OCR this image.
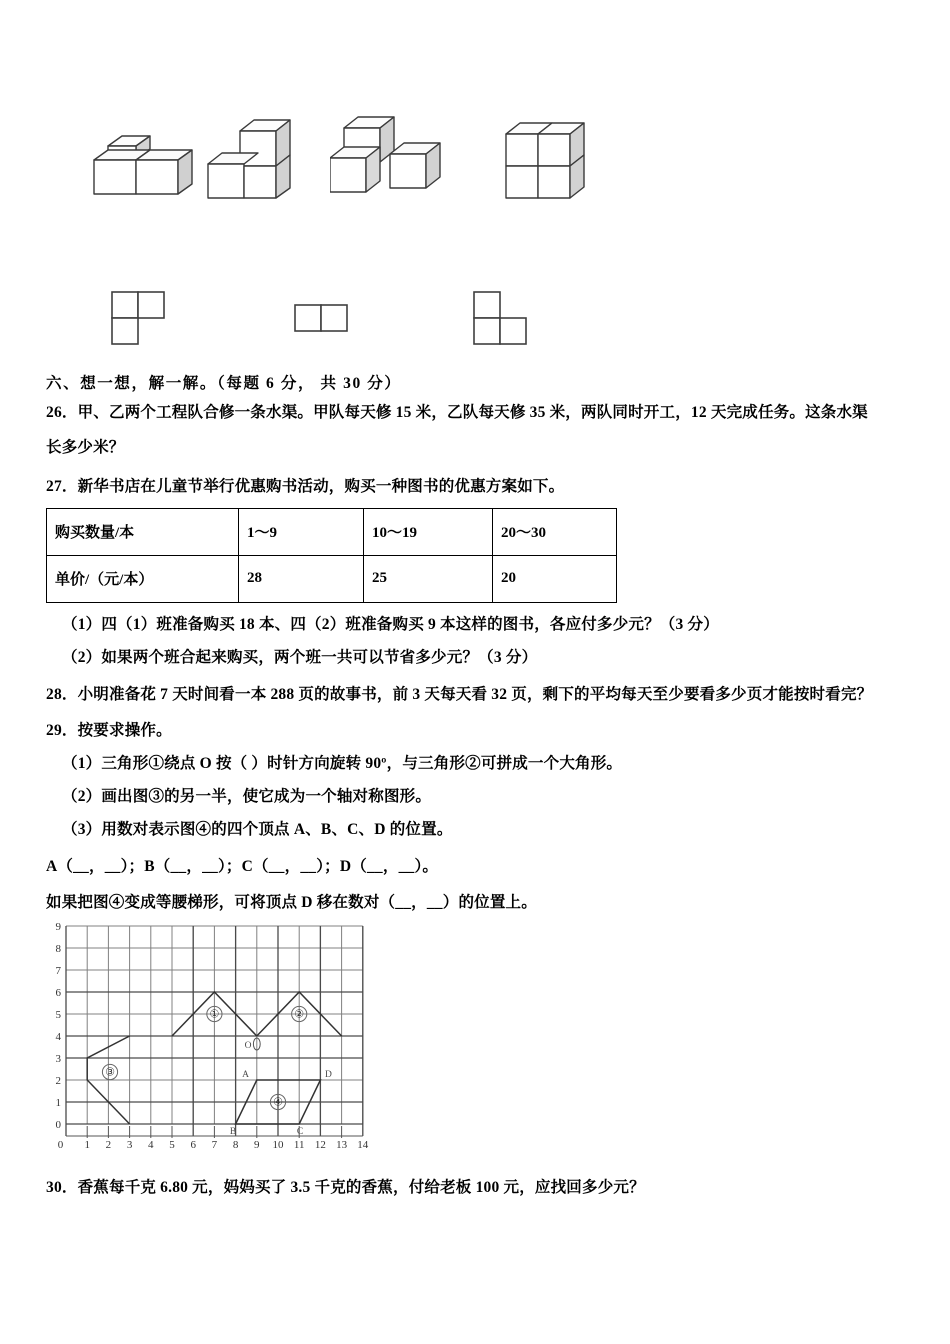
六、想一想，解一解。（每题 6 分， 共 30 分）
26．甲、乙两个工程队合修一条水渠。甲队每天修 15 米，乙队每天修 35 米，两队同时开工，12 天完成任务。这条水渠
长多少米？
27．新华书店在儿童节举行优惠购书活动，购买一种图书的优惠方案如下。
购买数量/本	1～9	10～19	20～30
单价/（元/本）	28	25	20
（1）四（1）班准备购买 18 本、四（2）班准备购买 9 本这样的图书，各应付多少元？（3 分）
（2）如果两个班合起来购买，两个班一共可以节省多少元？（3 分）
28．小明准备花 7 天时间看一本 288 页的故事书，前 3 天每天看 32 页，剩下的平均每天至少要看多少页才能按时看完？
29．按要求操作。
（1）三角形①绕点 O 按（ ）时针方向旋转 90º，与三角形②可拼成一个大角形。
（2）画出图③的另一半，使它成为一个轴对称图形。
（3）用数对表示图④的四个顶点 A、B、C、D 的位置。
A（__，__）；B（__，__）；C（__，__）；D（__，__）。
如果把图④变成等腰梯形，可将顶点 D 移在数对（__，__）的位置上。
①	②
③
④
O
A
B	C
D
0
1
2
3
4
5
6
7
8
9
0 1 2 3 4 5 6 7 8 9 10 11 12 13 14
30．香蕉每千克 6.80 元，妈妈买了 3.5 千克的香蕉，付给老板 100 元，应找回多少元？
